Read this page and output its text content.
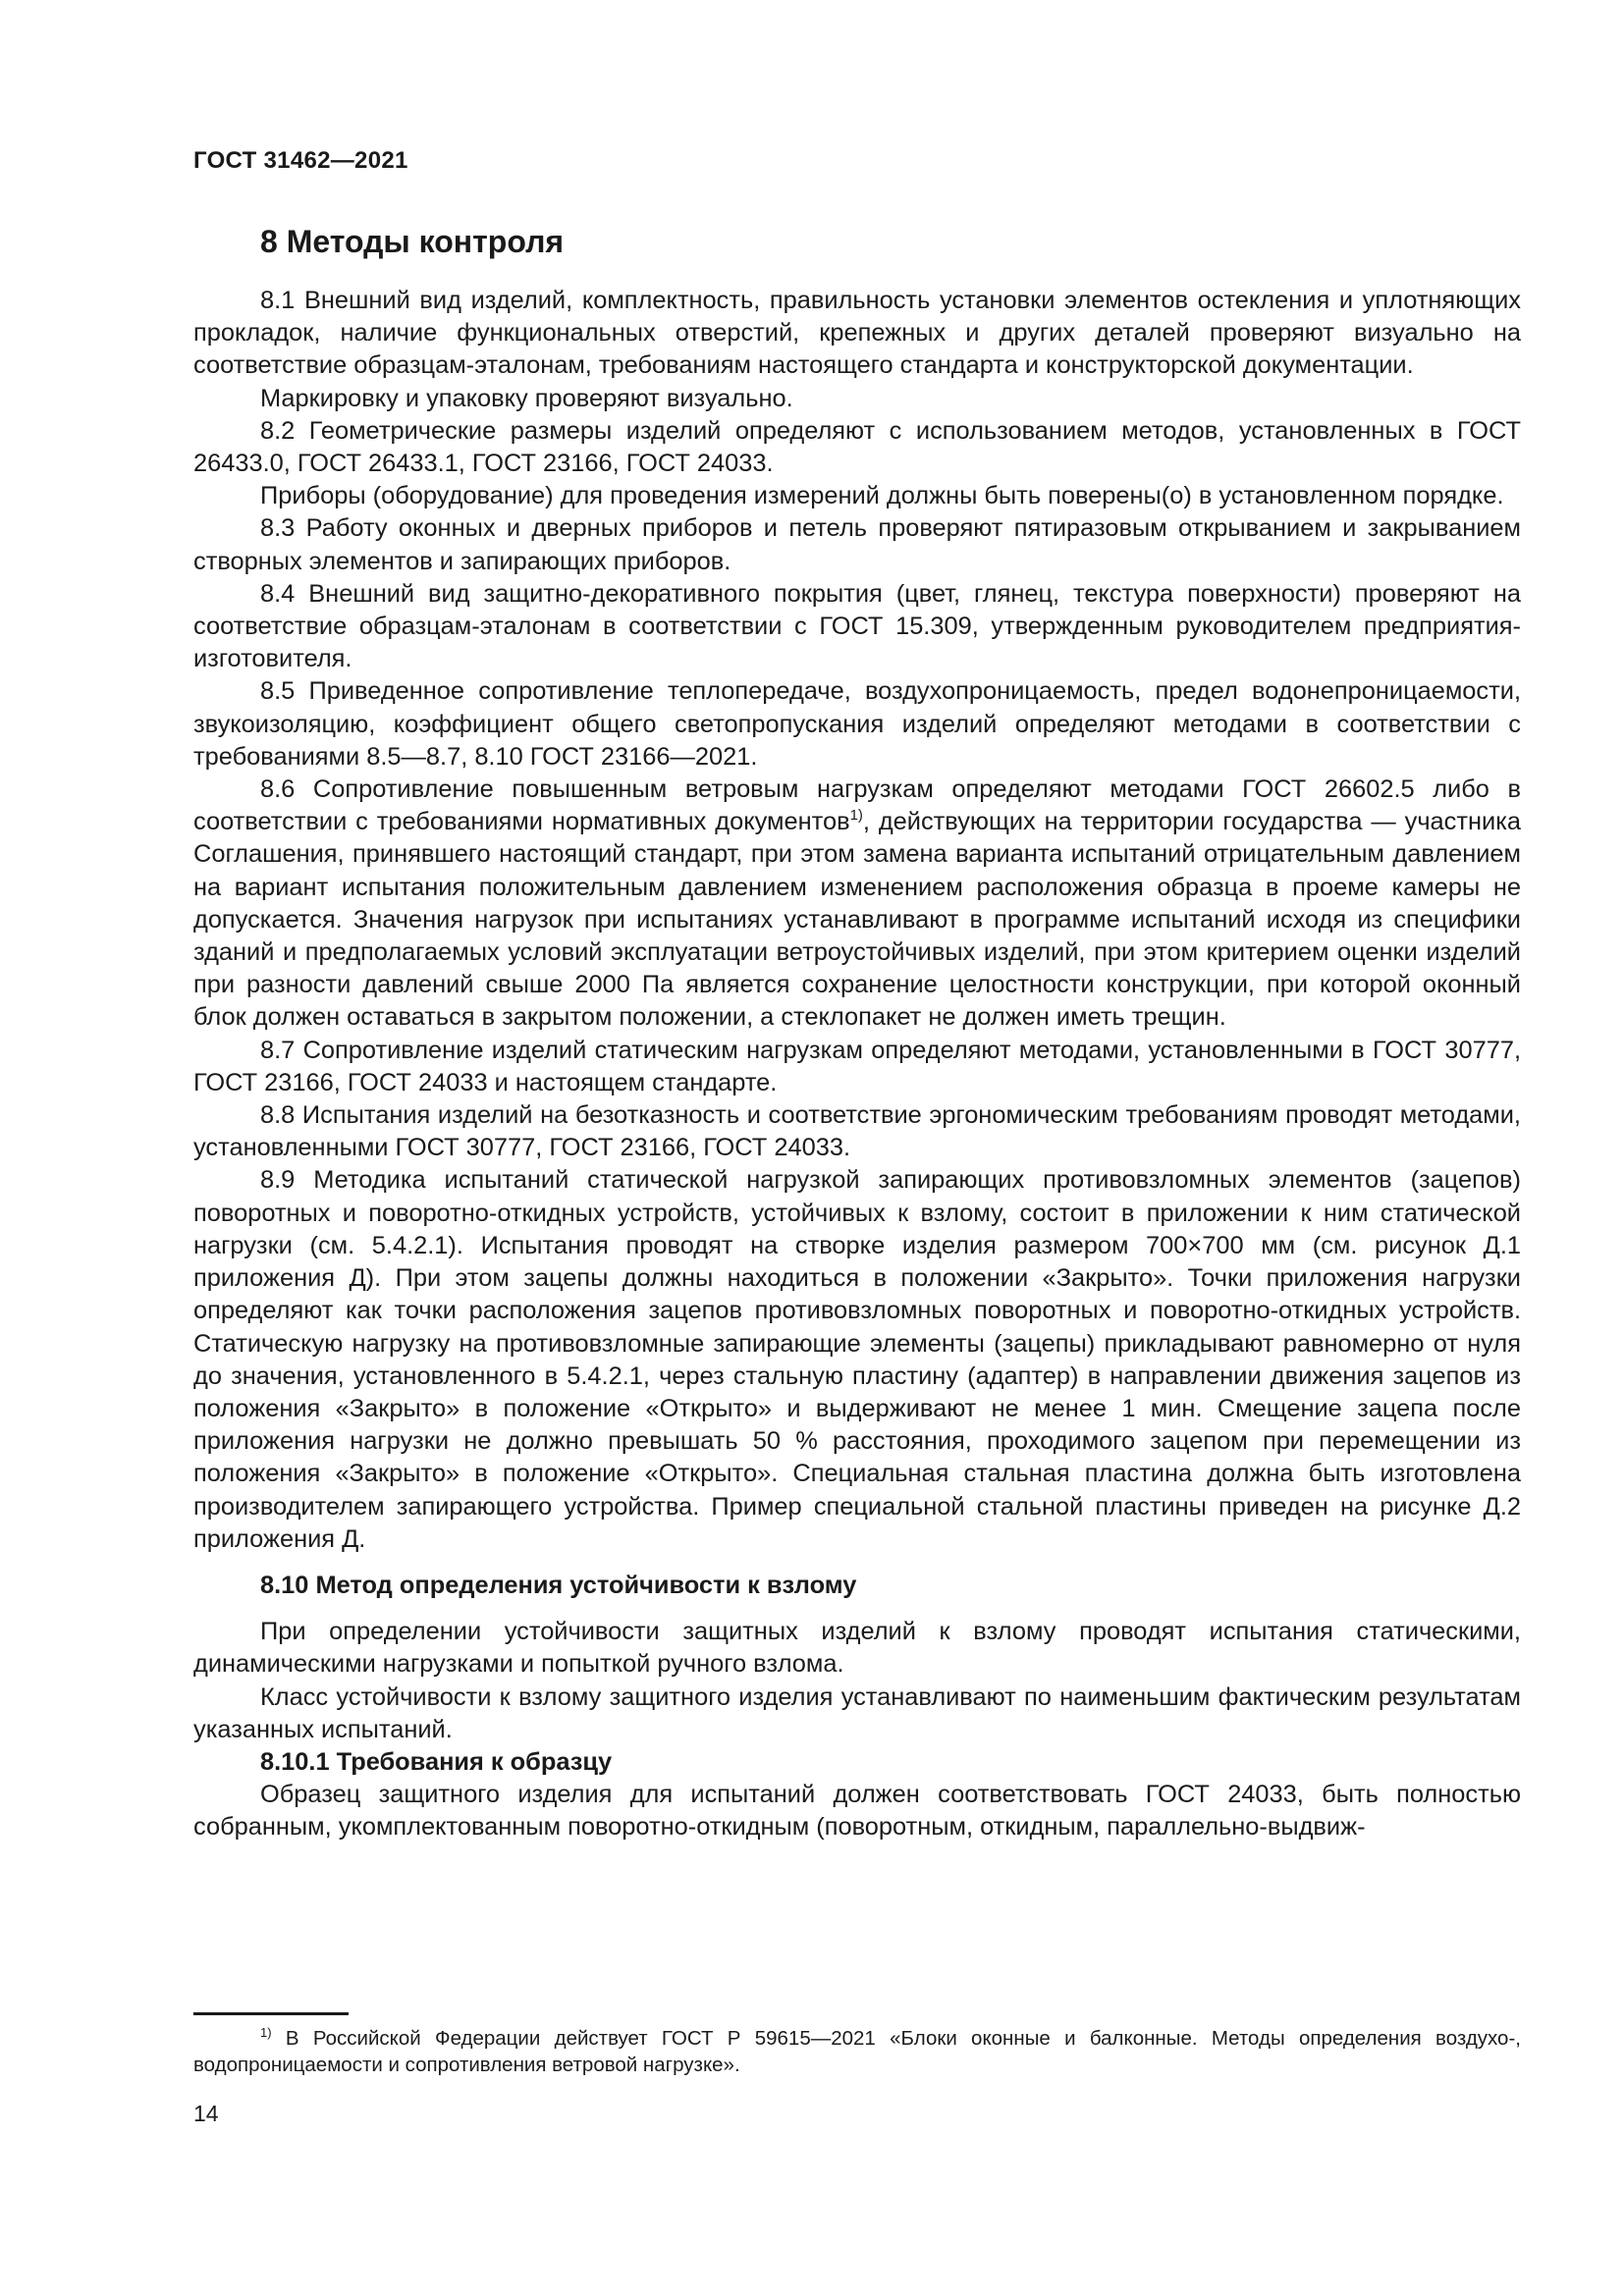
ГОСТ 31462—2021
8 Методы контроля

8.1 Внешний вид изделий, комплектность, правильность установки элементов остекления и уплотняющих прокладок, наличие функциональных отверстий, крепежных и других деталей проверяют визуально на соответствие образцам-эталонам, требованиям настоящего стандарта и конструкторской документации.

Маркировку и упаковку проверяют визуально.

8.2 Геометрические размеры изделий определяют с использованием методов, установленных в ГОСТ 26433.0, ГОСТ 26433.1, ГОСТ 23166, ГОСТ 24033.

Приборы (оборудование) для проведения измерений должны быть поверены(о) в установленном порядке.

8.3 Работу оконных и дверных приборов и петель проверяют пятиразовым открыванием и закрыванием створных элементов и запирающих приборов.

8.4 Внешний вид защитно-декоративного покрытия (цвет, глянец, текстура поверхности) проверяют на соответствие образцам-эталонам в соответствии с ГОСТ 15.309, утвержденным руководителем предприятия-изготовителя.

8.5 Приведенное сопротивление теплопередаче, воздухопроницаемость, предел водонепроницаемости, звукоизоляцию, коэффициент общего светопропускания изделий определяют методами в соответствии с требованиями 8.5—8.7, 8.10 ГОСТ 23166—2021.

8.6 Сопротивление повышенным ветровым нагрузкам определяют методами ГОСТ 26602.5 либо в соответствии с требованиями нормативных документов$^{1)}$, действующих на территории государства — участника Соглашения, принявшего настоящий стандарт, при этом замена варианта испытаний отрицательным давлением на вариант испытания положительным давлением изменением расположения образца в проеме камеры не допускается. Значения нагрузок при испытаниях устанавливают в программе испытаний исходя из специфики зданий и предполагаемых условий эксплуатации ветроустойчивых изделий, при этом критерием оценки изделий при разности давлений свыше 2000 Па является сохранение целостности конструкции, при которой оконный блок должен оставаться в закрытом положении, а стеклопакет не должен иметь трещин.

8.7 Сопротивление изделий статическим нагрузкам определяют методами, установленными в ГОСТ 30777, ГОСТ 23166, ГОСТ 24033 и настоящем стандарте.

8.8 Испытания изделий на безотказность и соответствие эргономическим требованиям проводят методами, установленными ГОСТ 30777, ГОСТ 23166, ГОСТ 24033.

8.9 Методика испытаний статической нагрузкой запирающих противовзломных элементов (зацепов) поворотных и поворотно-откидных устройств, устойчивых к взлому, состоит в приложении к ним статической нагрузки (см. 5.4.2.1). Испытания проводят на створке изделия размером 700×700 мм (см. рисунок Д.1 приложения Д). При этом зацепы должны находиться в положении «Закрыто». Точки приложения нагрузки определяют как точки расположения зацепов противовзломных поворотных и поворотно-откидных устройств. Статическую нагрузку на противовзломные запирающие элементы (зацепы) прикладывают равномерно от нуля до значения, установленного в 5.4.2.1, через стальную пластину (адаптер) в направлении движения зацепов из положения «Закрыто» в положение «Открыто» и выдерживают не менее 1 мин. Смещение зацепа после приложения нагрузки не должно превышать 50 % расстояния, проходимого зацепом при перемещении из положения «Закрыто» в положение «Открыто». Специальная стальная пластина должна быть изготовлена производителем запирающего устройства. Пример специальной стальной пластины приведен на рисунке Д.2 приложения Д.

8.10 Метод определения устойчивости к взлому

При определении устойчивости защитных изделий к взлому проводят испытания статическими, динамическими нагрузками и попыткой ручного взлома.

Класс устойчивости к взлому защитного изделия устанавливают по наименьшим фактическим результатам указанных испытаний.

8.10.1 Требования к образцу

Образец защитного изделия для испытаний должен соответствовать ГОСТ 24033, быть полностью собранным, укомплектованным поворотно-откидным (поворотным, откидным, параллельно-выдвиж-

$^{1)}$ В Российской Федерации действует ГОСТ Р 59615—2021 «Блоки оконные и балконные. Методы определения воздухо-, водопроницаемости и сопротивления ветровой нагрузке».

14
